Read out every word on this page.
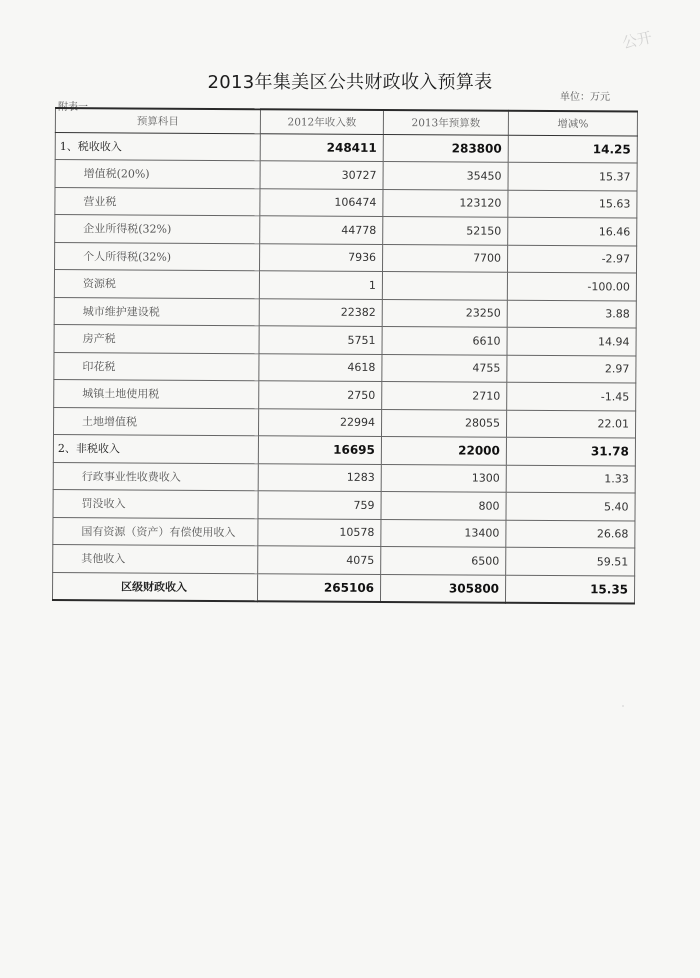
公开
2013年集美区公共财政收入预算表
附表一
单位：万元
预算科目	2012年收入数	2013年预算数	增减%
1、税收收入	248411	283800	14.25
增值税(20%)	30727	35450	15.37
营业税	106474	123120	15.63
企业所得税(32%)	44778	52150	16.46
个人所得税(32%)	7936	7700	-2.97
资源税	1		-100.00
城市维护建设税	22382	23250	3.88
房产税	5751	6610	14.94
印花税	4618	4755	2.97
城镇土地使用税	2750	2710	-1.45
土地增值税	22994	28055	22.01
2、非税收入	16695	22000	31.78
行政事业性收费收入	1283	1300	1.33
罚没收入	759	800	5.40
国有资源（资产）有偿使用收入	10578	13400	26.68
其他收入	4075	6500	59.51
区级财政收入	265106	305800	15.35
